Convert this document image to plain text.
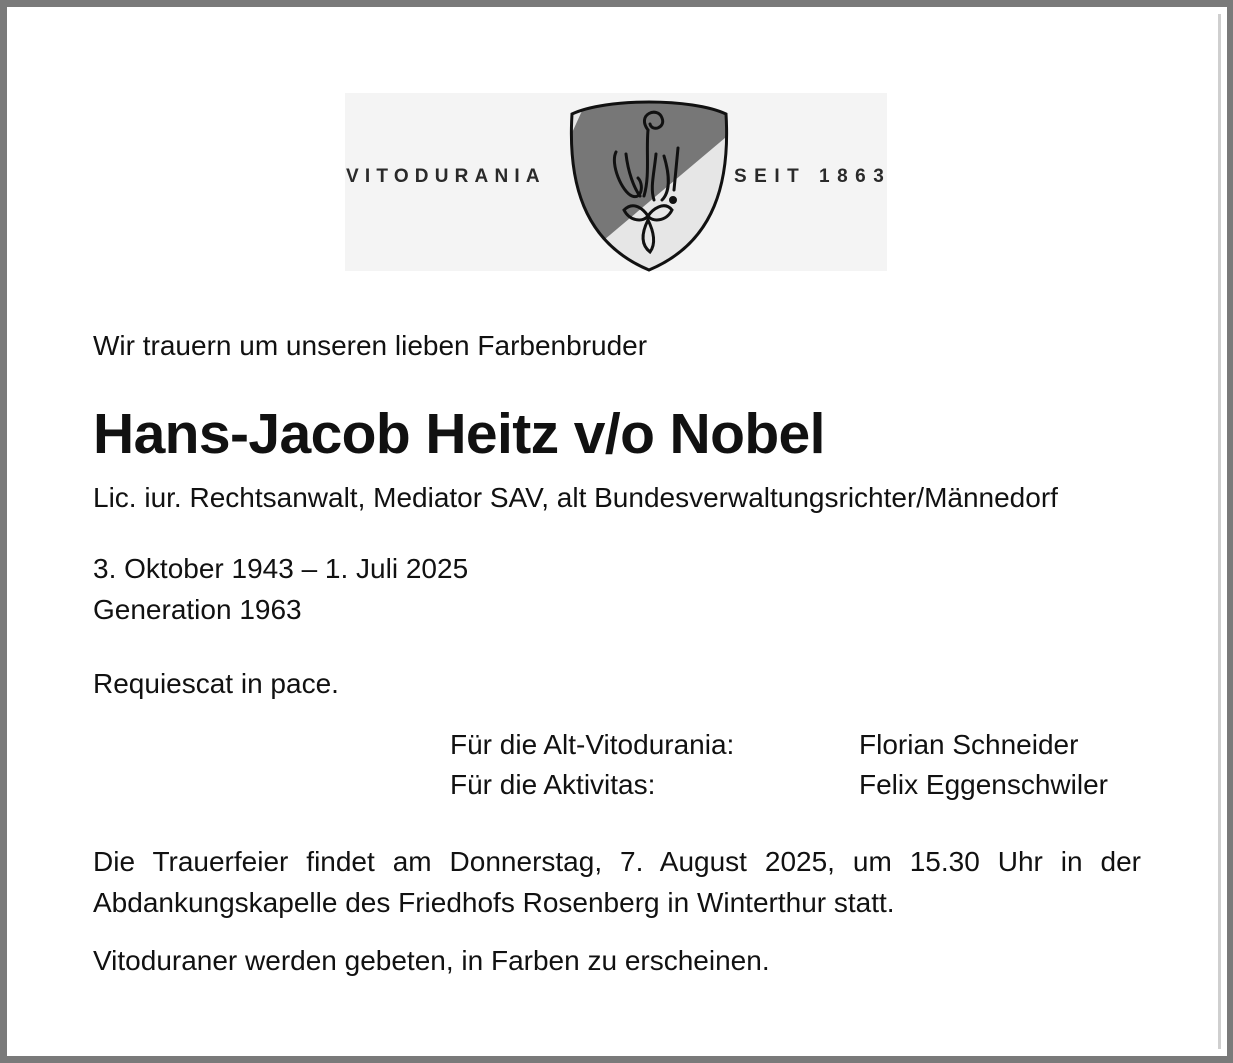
VITODURANIA	SEIT 1863
Wir trauern um unseren lieben Farbenbruder
Hans-Jacob Heitz v/o Nobel
Lic. iur. Rechtsanwalt, Mediator SAV, alt Bundesverwaltungsrichter/Männedorf
3. Oktober 1943 – 1. Juli 2025
Generation 1963
Requiescat in pace.
Für die Alt-Vitodurania:	Florian Schneider
Für die Aktivitas:	Felix Eggenschwiler
Die Trauerfeier findet am Donnerstag, 7. August 2025, um 15.30 Uhr in der
Abdankungskapelle des Friedhofs Rosenberg in Winterthur statt.
Vitoduraner werden gebeten, in Farben zu erscheinen.
